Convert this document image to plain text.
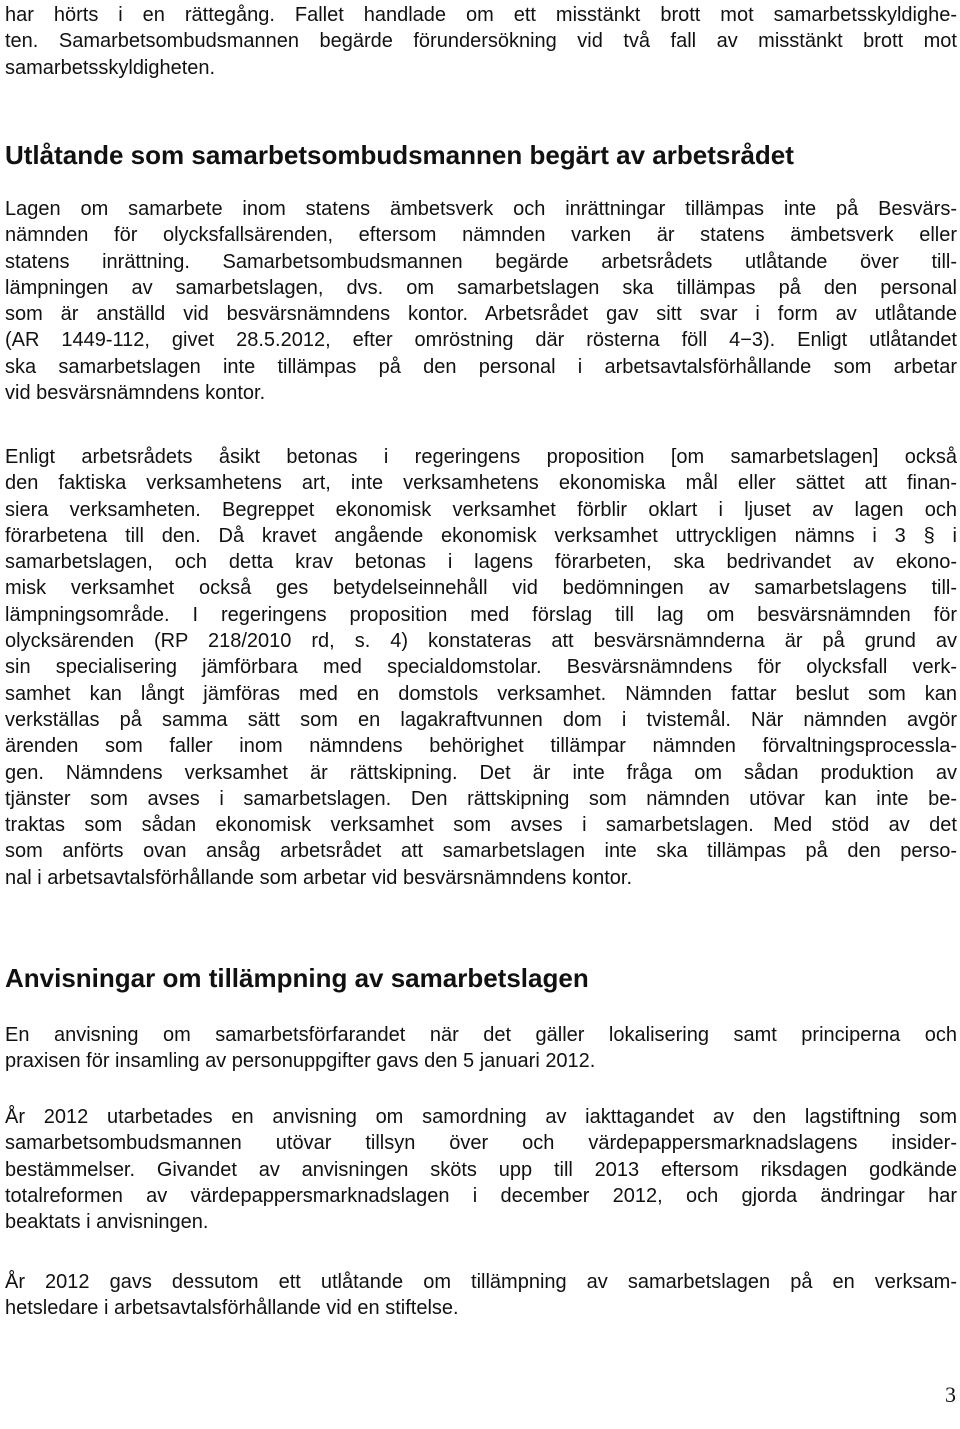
har hörts i en rättegång. Fallet handlade om ett misstänkt brott mot samarbetsskyldighe-
ten. Samarbetsombudsmannen begärde förundersökning vid två fall av misstänkt brott mot
samarbetsskyldigheten.
Utlåtande som samarbetsombudsmannen begärt av arbetsrådet
Lagen om samarbete inom statens ämbetsverk och inrättningar tillämpas inte på Besvärs-
nämnden för olycksfallsärenden, eftersom nämnden varken är statens ämbetsverk eller
statens inrättning. Samarbetsombudsmannen begärde arbetsrådets utlåtande över till-
lämpningen av samarbetslagen, dvs. om samarbetslagen ska tillämpas på den personal
som är anställd vid besvärsnämndens kontor. Arbetsrådet gav sitt svar i form av utlåtande
(AR 1449-112, givet 28.5.2012, efter omröstning där rösterna föll 4−3). Enligt utlåtandet
ska samarbetslagen inte tillämpas på den personal i arbetsavtalsförhållande som arbetar
vid besvärsnämndens kontor.
Enligt arbetsrådets åsikt betonas i regeringens proposition [om samarbetslagen] också
den faktiska verksamhetens art, inte verksamhetens ekonomiska mål eller sättet att finan-
siera verksamheten. Begreppet ekonomisk verksamhet förblir oklart i ljuset av lagen och
förarbetena till den. Då kravet angående ekonomisk verksamhet uttryckligen nämns i 3 § i
samarbetslagen, och detta krav betonas i lagens förarbeten, ska bedrivandet av ekono-
misk verksamhet också ges betydelseinnehåll vid bedömningen av samarbetslagens till-
lämpningsområde. I regeringens proposition med förslag till lag om besvärsnämnden för
olycksärenden (RP 218/2010 rd, s. 4) konstateras att besvärsnämnderna är på grund av
sin specialisering jämförbara med specialdomstolar. Besvärsnämndens för olycksfall verk-
samhet kan långt jämföras med en domstols verksamhet. Nämnden fattar beslut som kan
verkställas på samma sätt som en lagakraftvunnen dom i tvistemål. När nämnden avgör
ärenden som faller inom nämndens behörighet tillämpar nämnden förvaltningsprocessla-
gen. Nämndens verksamhet är rättskipning. Det är inte fråga om sådan produktion av
tjänster som avses i samarbetslagen. Den rättskipning som nämnden utövar kan inte be-
traktas som sådan ekonomisk verksamhet som avses i samarbetslagen. Med stöd av det
som anförts ovan ansåg arbetsrådet att samarbetslagen inte ska tillämpas på den perso-
nal i arbetsavtalsförhållande som arbetar vid besvärsnämndens kontor.
Anvisningar om tillämpning av samarbetslagen
En anvisning om samarbetsförfarandet när det gäller lokalisering samt principerna och
praxisen för insamling av personuppgifter gavs den 5 januari 2012.
År 2012 utarbetades en anvisning om samordning av iakttagandet av den lagstiftning som
samarbetsombudsmannen utövar tillsyn över och värdepappersmarknadslagens insider-
bestämmelser. Givandet av anvisningen sköts upp till 2013 eftersom riksdagen godkände
totalreformen av värdepappersmarknadslagen i december 2012, och gjorda ändringar har
beaktats i anvisningen.
År 2012 gavs dessutom ett utlåtande om tillämpning av samarbetslagen på en verksam-
hetsledare i arbetsavtalsförhållande vid en stiftelse.
3
